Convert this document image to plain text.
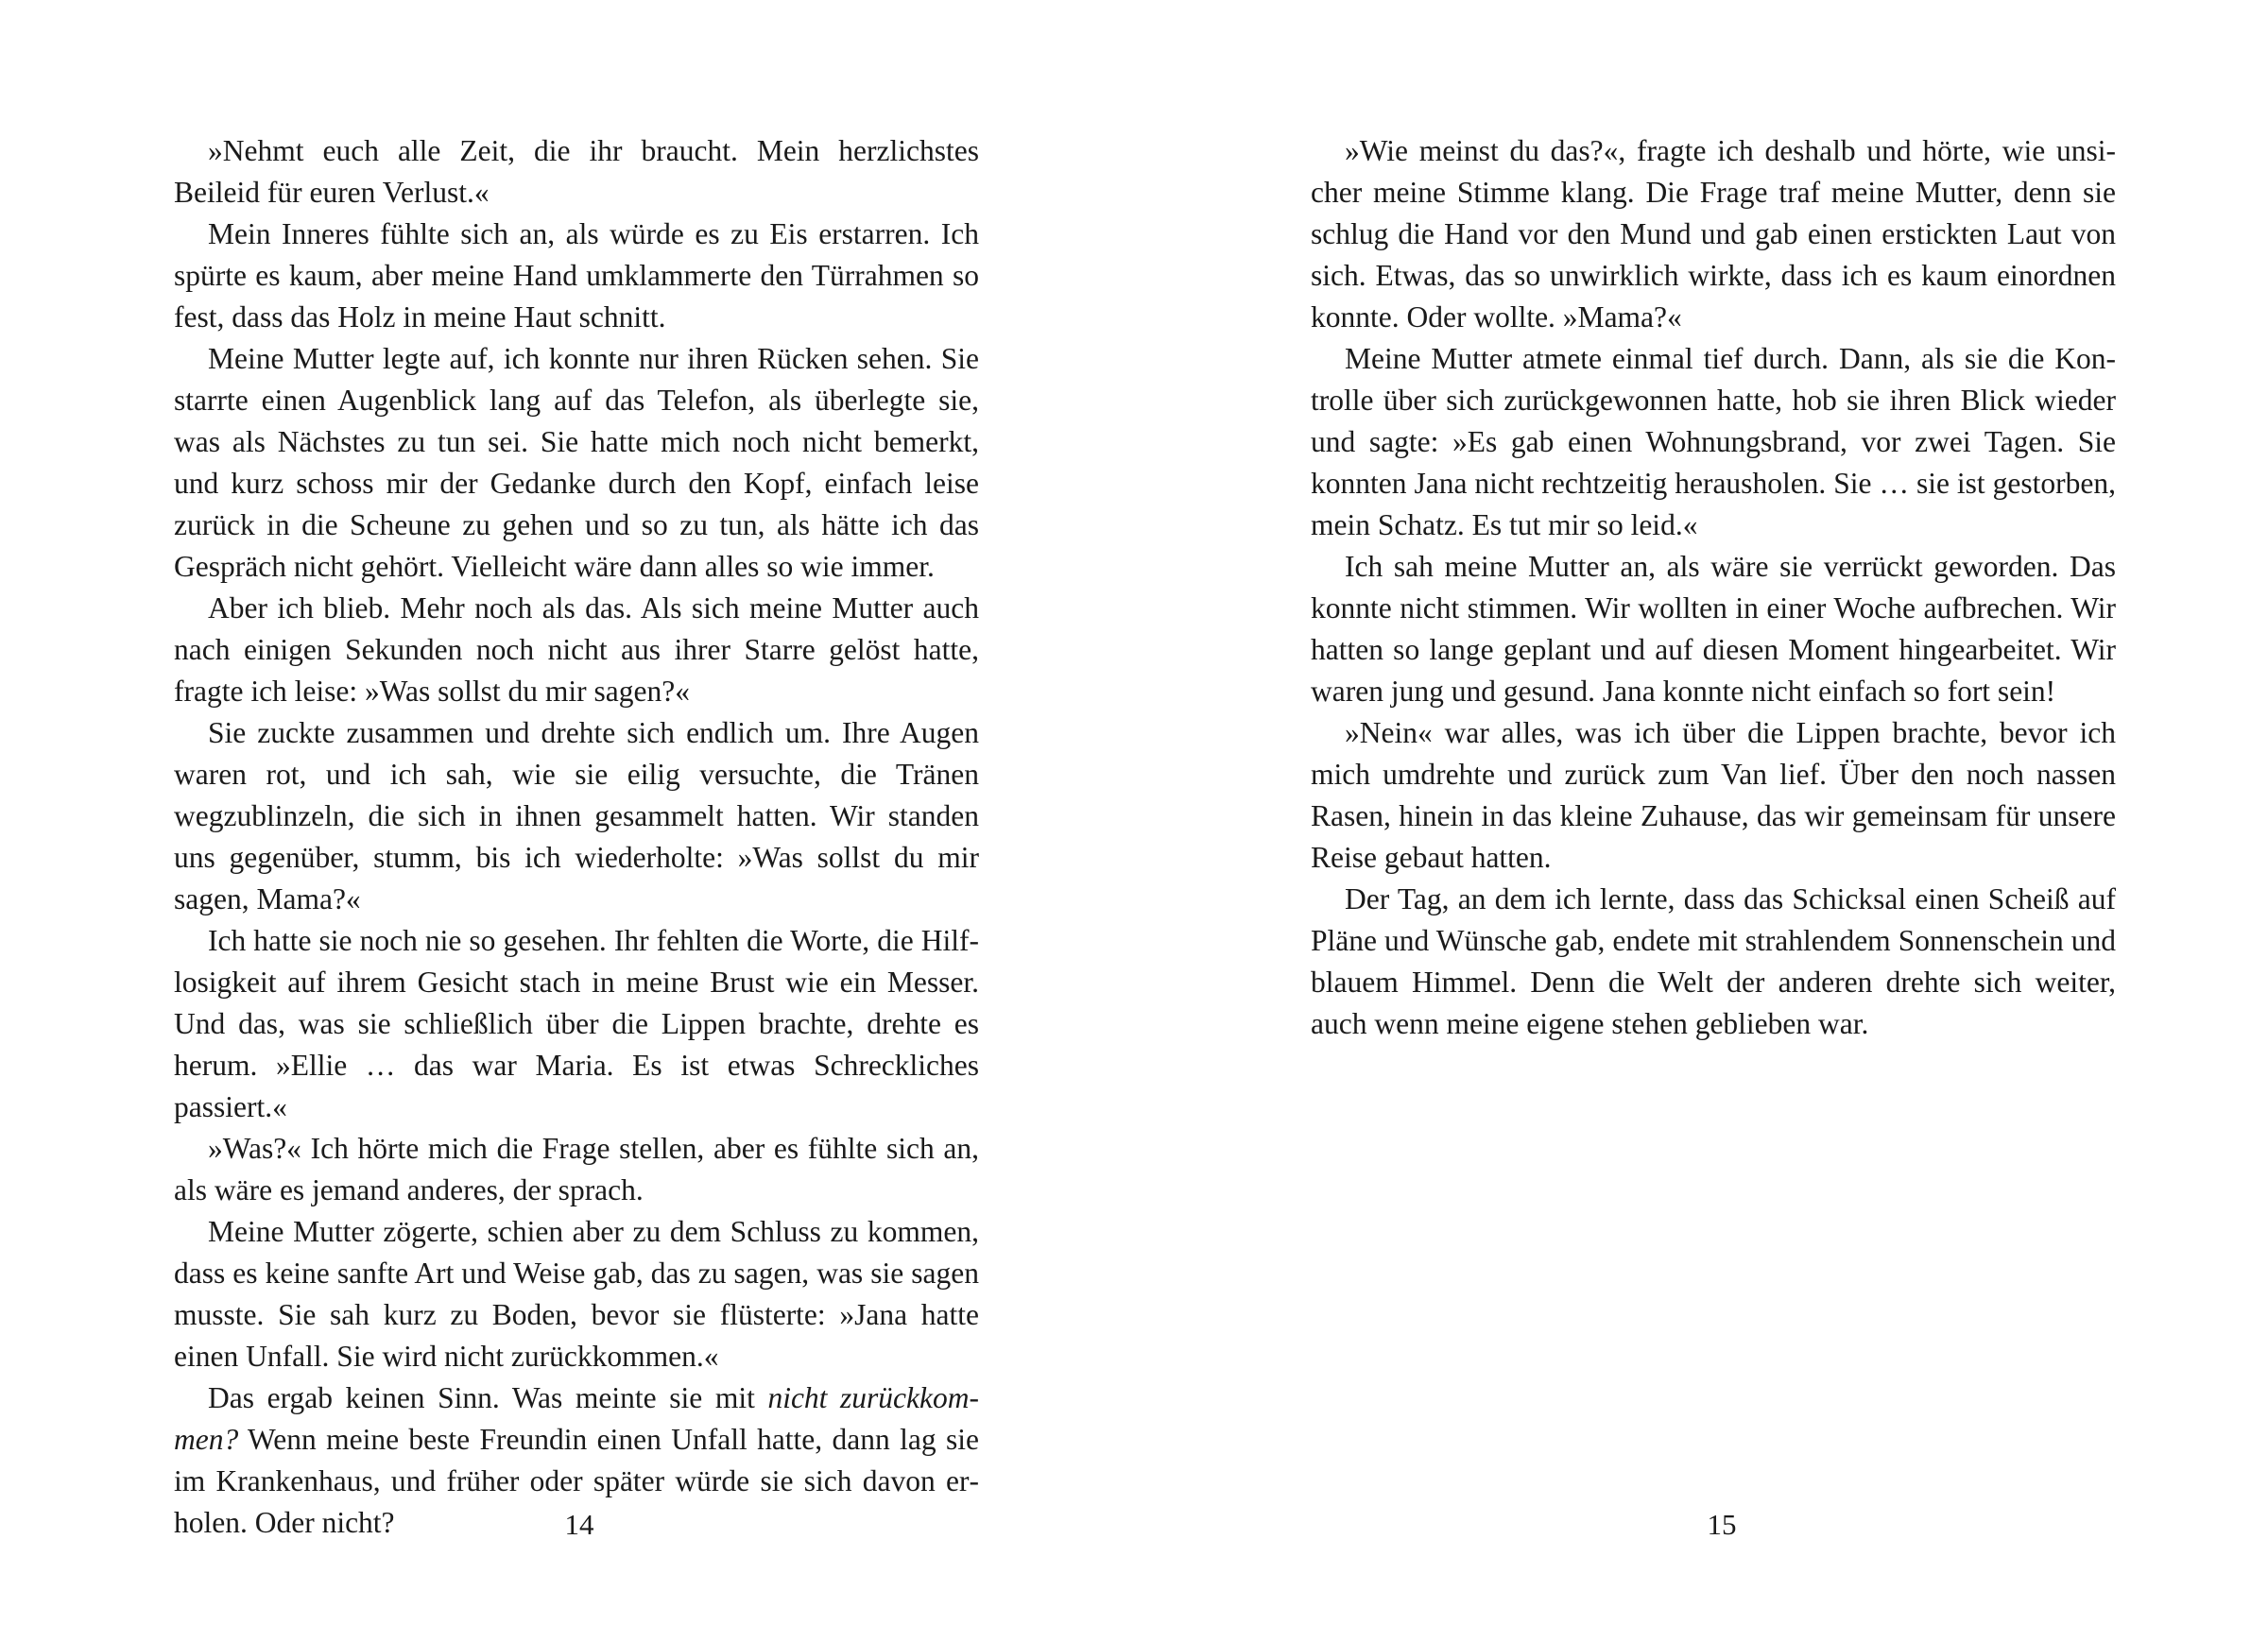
»Nehmt euch alle Zeit, die ihr braucht. Mein herzlichstes Beileid für euren Verlust.«

Mein Inneres fühlte sich an, als würde es zu Eis erstarren. Ich spürte es kaum, aber meine Hand umklammerte den Türrahmen so fest, dass das Holz in meine Haut schnitt.

Meine Mutter legte auf, ich konnte nur ihren Rücken sehen. Sie starrte einen Augenblick lang auf das Telefon, als überlegte sie, was als Nächstes zu tun sei. Sie hatte mich noch nicht bemerkt, und kurz schoss mir der Gedanke durch den Kopf, einfach leise zurück in die Scheune zu gehen und so zu tun, als hätte ich das Gespräch nicht gehört. Vielleicht wäre dann alles so wie immer.

Aber ich blieb. Mehr noch als das. Als sich meine Mutter auch nach einigen Sekunden noch nicht aus ihrer Starre gelöst hatte, fragte ich leise: »Was sollst du mir sagen?«

Sie zuckte zusammen und drehte sich endlich um. Ihre Augen waren rot, und ich sah, wie sie eilig versuchte, die Tränen wegzublinzeln, die sich in ihnen gesammelt hatten. Wir standen uns gegenüber, stumm, bis ich wiederholte: »Was sollst du mir sagen, Mama?«

Ich hatte sie noch nie so gesehen. Ihr fehlten die Worte, die Hilflosigkeit auf ihrem Gesicht stach in meine Brust wie ein Messer. Und das, was sie schließlich über die Lippen brachte, drehte es herum. »Ellie … das war Maria. Es ist etwas Schreckliches passiert.«

»Was?« Ich hörte mich die Frage stellen, aber es fühlte sich an, als wäre es jemand anderes, der sprach.

Meine Mutter zögerte, schien aber zu dem Schluss zu kommen, dass es keine sanfte Art und Weise gab, das zu sagen, was sie sagen musste. Sie sah kurz zu Boden, bevor sie flüsterte: »Jana hatte einen Unfall. Sie wird nicht zurückkommen.«

Das ergab keinen Sinn. Was meinte sie mit nicht zurückkommen? Wenn meine beste Freundin einen Unfall hatte, dann lag sie im Krankenhaus, und früher oder später würde sie sich davon erholen. Oder nicht?	14

»Wie meinst du das?«, fragte ich deshalb und hörte, wie unsicher meine Stimme klang. Die Frage traf meine Mutter, denn sie schlug die Hand vor den Mund und gab einen erstickten Laut von sich. Etwas, das so unwirklich wirkte, dass ich es kaum einordnen konnte. Oder wollte. »Mama?«

Meine Mutter atmete einmal tief durch. Dann, als sie die Kontrolle über sich zurückgewonnen hatte, hob sie ihren Blick wieder und sagte: »Es gab einen Wohnungsbrand, vor zwei Tagen. Sie konnten Jana nicht rechtzeitig herausholen. Sie … sie ist gestorben, mein Schatz. Es tut mir so leid.«

Ich sah meine Mutter an, als wäre sie verrückt geworden. Das konnte nicht stimmen. Wir wollten in einer Woche aufbrechen. Wir hatten so lange geplant und auf diesen Moment hingearbeitet. Wir waren jung und gesund. Jana konnte nicht einfach so fort sein!

»Nein« war alles, was ich über die Lippen brachte, bevor ich mich umdrehte und zurück zum Van lief. Über den noch nassen Rasen, hinein in das kleine Zuhause, das wir gemeinsam für unsere Reise gebaut hatten.

Der Tag, an dem ich lernte, dass das Schicksal einen Scheiß auf Pläne und Wünsche gab, endete mit strahlendem Sonnenschein und blauem Himmel. Denn die Welt der anderen drehte sich weiter, auch wenn meine eigene stehen geblieben war.

15
